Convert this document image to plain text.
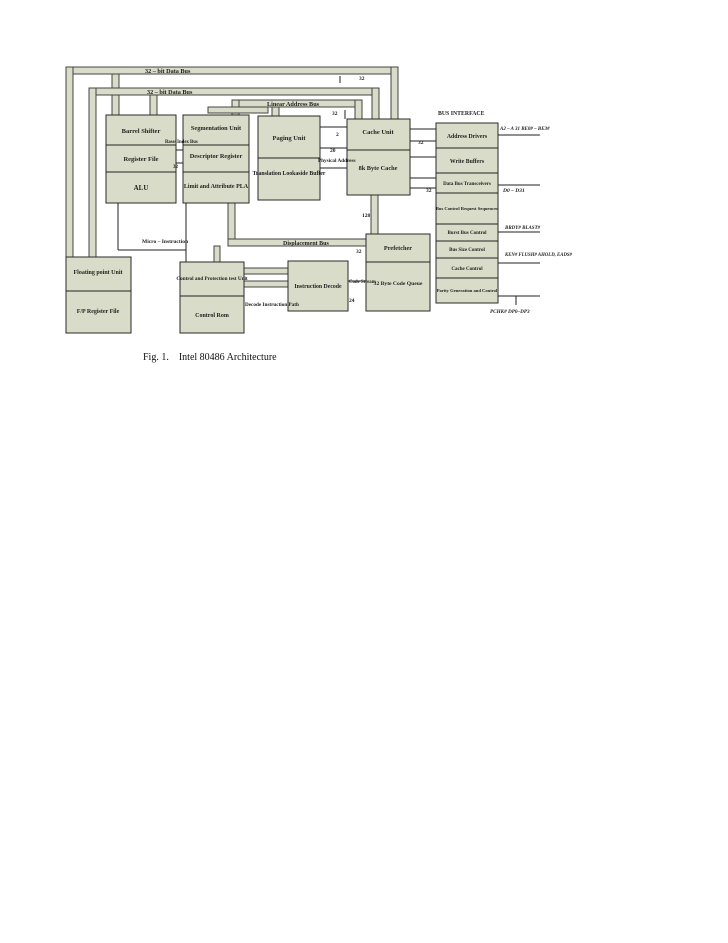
Barrel Shifter
Register File
ALU
Segmentation Unit
Descriptor Register
Limit and Attribute PLA
Paging Unit
Translation Lookaside Buffer
Cache Unit
8k Byte Cache
Address Drivers
Write Buffers
Data Bus Transceivers
Bus Control Request Sequencer
Burst Bus Control
Bus Size Control
Cache Control
Parity Generation and Control
Prefetcher
32 Byte Code Queue
Instruction Decode
Control and Protection test Unit
Control Rom
Floating point Unit
F/P Register File
32 – bit Data Bus
32 – bit Data Bus
Linear Address Bus
BUS INTERFACE
Displacement Bus
Micro – Instruction
Decode Instruction Path
Physical Address
Code Stream
Base/ Index Bus
32
32
2
20
32
32
32
128
24
32
A2 – A 31 BE0# – BE3#
D0 – D31
BRDY# BLAST#
KEN# FLUSH# AHOLD, EADS#
PCHK# DP0–DP3
Fig. 1.    Intel 80486 Architecture
